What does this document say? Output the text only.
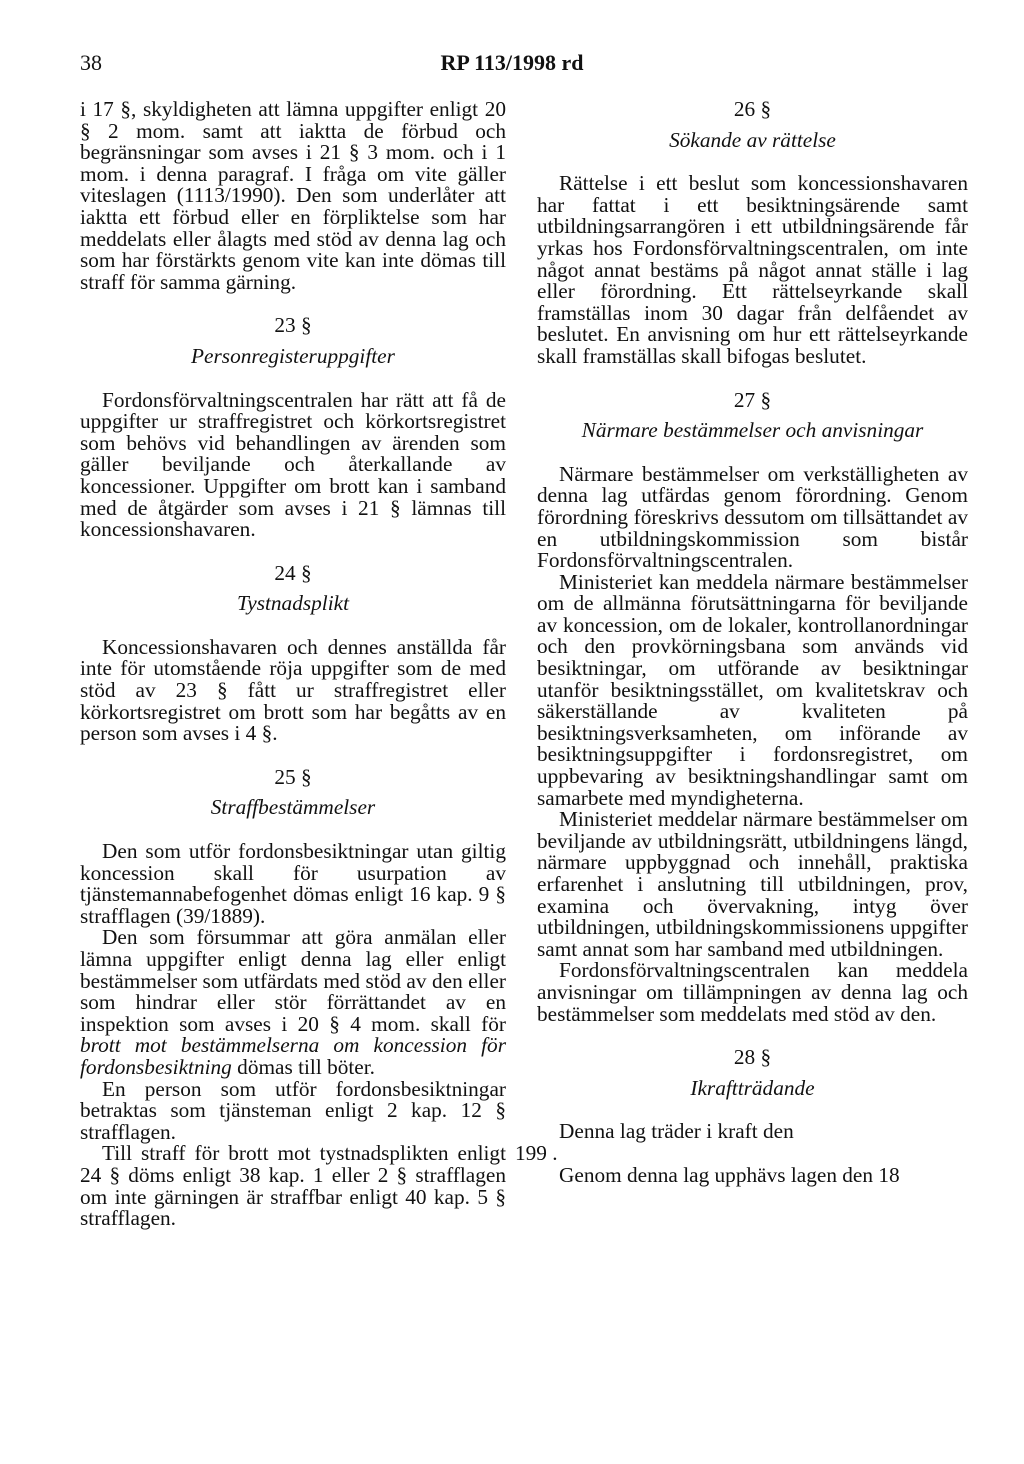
38	RP 113/1998 rd

i 17 §, skyldigheten att lämna uppgifter enligt 20 § 2 mom. samt att iaktta de förbud och begränsningar som avses i 21 § 3 mom. och i 1 mom. i denna paragraf. I fråga om vite gäller viteslagen (1113/1990). Den som underlåter att iaktta ett förbud eller en förpliktelse som har meddelats eller ålagts med stöd av denna lag och som har förstärkts genom vite kan inte dömas till straff för samma gärning.

23 §
Personregisteruppgifter

Fordonsförvaltningscentralen har rätt att få de uppgifter ur straffregistret och körkortsregistret som behövs vid behandlingen av ärenden som gäller beviljande och återkallande av koncessioner. Uppgifter om brott kan i samband med de åtgärder som avses i 21 § lämnas till koncessionshavaren.

24 §
Tystnadsplikt

Koncessionshavaren och dennes anställda får inte för utomstående röja uppgifter som de med stöd av 23 § fått ur straffregistret eller körkortsregistret om brott som har begåtts av en person som avses i 4 §.

25 §
Straffbestämmelser

Den som utför fordonsbesiktningar utan giltig koncession skall för usurpation av tjänstemannabefogenhet dömas enligt 16 kap. 9 § strafflagen (39/1889).

Den som försummar att göra anmälan eller lämna uppgifter enligt denna lag eller enligt bestämmelser som utfärdats med stöd av den eller som hindrar eller stör förrättandet av en inspektion som avses i 20 § 4 mom. skall för brott mot bestämmelserna om koncession för fordonsbesiktning dömas till böter.

En person som utför fordonsbesiktningar betraktas som tjänsteman enligt 2 kap. 12 § strafflagen.

Till straff för brott mot tystnadsplikten enligt 24 § döms enligt 38 kap. 1 eller 2 § strafflagen om inte gärningen är straffbar enligt 40 kap. 5 § strafflagen.

26 §
Sökande av rättelse

Rättelse i ett beslut som koncessionshavaren har fattat i ett besiktningsärende samt utbildningsarrangören i ett utbildningsärende får yrkas hos Fordonsförvaltningscentralen, om inte något annat bestäms på något annat ställe i lag eller förordning. Ett rättelseyrkande skall framställas inom 30 dagar från delfåendet av beslutet. En anvisning om hur ett rättelseyrkande skall framställas skall bifogas beslutet.

27 §
Närmare bestämmelser och anvisningar

Närmare bestämmelser om verkställigheten av denna lag utfärdas genom förordning. Genom förordning föreskrivs dessutom om tillsättandet av en utbildningskommission som bistår Fordonsförvaltningscentralen.

Ministeriet kan meddela närmare bestämmelser om de allmänna förutsättningarna för beviljande av koncession, om de lokaler, kontrollanordningar och den provkörningsbana som används vid besiktningar, om utförande av besiktningar utanför besiktningsstället, om kvalitetskrav och säkerställande av kvaliteten på besiktningsverksamheten, om införande av besiktningsuppgifter i fordonsregistret, om uppbevaring av besiktningshandlingar samt om samarbete med myndigheterna.

Ministeriet meddelar närmare bestämmelser om beviljande av utbildningsrätt, utbildningens längd, närmare uppbyggnad och innehåll, praktiska erfarenhet i anslutning till utbildningen, prov, examina och övervakning, intyg över utbildningen, utbildningskommissionens uppgifter samt annat som har samband med utbildningen.

Fordonsförvaltningscentralen kan meddela anvisningar om tillämpningen av denna lag och bestämmelser som meddelats med stöd av den.

28 §
Ikraftträdande

Denna lag träder i kraft den
199 .

Genom denna lag upphävs lagen den 18
